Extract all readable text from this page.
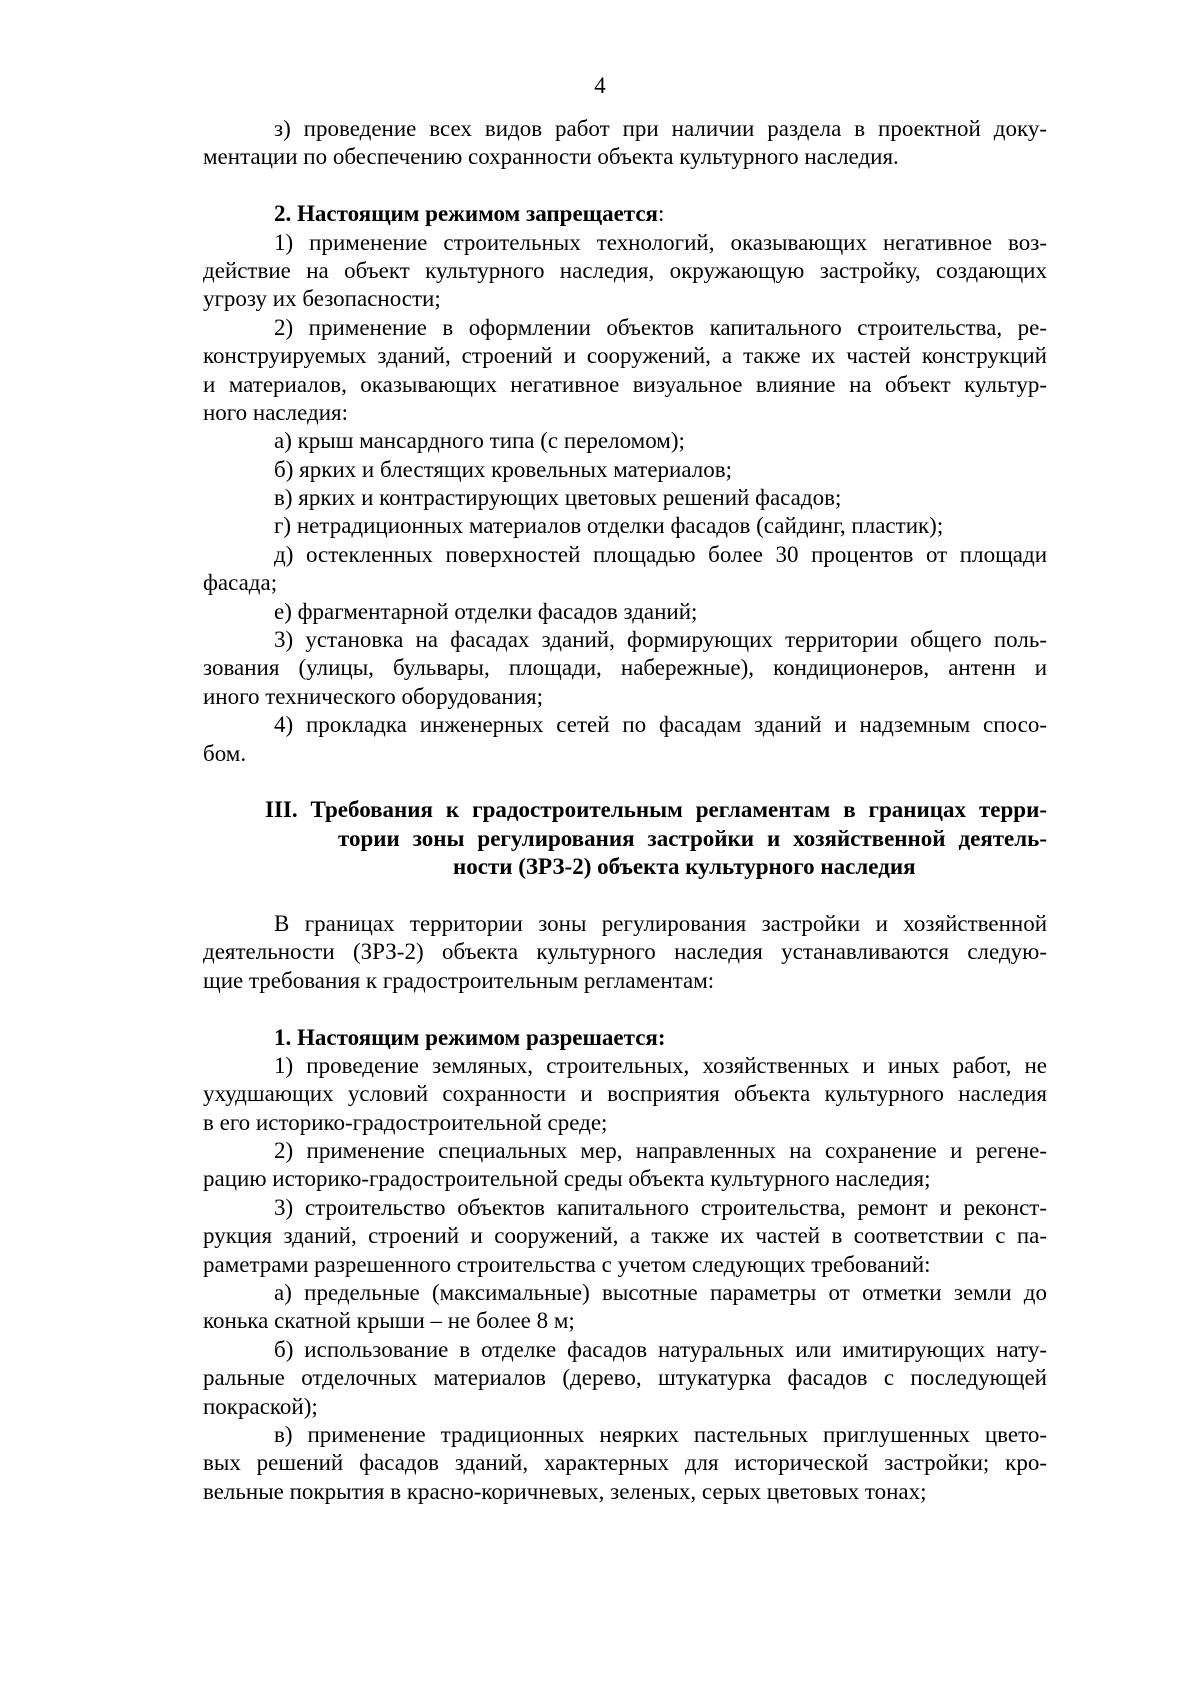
4
з) проведение всех видов работ при наличии раздела в проектной доку-
ментации по обеспечению сохранности объекта культурного наследия.
2. Настоящим режимом запрещается:
1) применение строительных технологий, оказывающих негативное воз-
действие на объект культурного наследия, окружающую застройку, создающих
угрозу их безопасности;
2) применение в оформлении объектов капитального строительства, ре-
конструируемых зданий, строений и сооружений, а также их частей конструкций
и материалов, оказывающих негативное визуальное влияние на объект культур-
ного наследия:
а) крыш мансардного типа (с переломом);
б) ярких и блестящих кровельных материалов;
в) ярких и контрастирующих цветовых решений фасадов;
г) нетрадиционных материалов отделки фасадов (сайдинг, пластик);
д) остекленных поверхностей площадью более 30 процентов от площади
фасада;
е) фрагментарной отделки фасадов зданий;
3) установка на фасадах зданий, формирующих территории общего поль-
зования (улицы, бульвары, площади, набережные), кондиционеров, антенн и
иного технического оборудования;
4) прокладка инженерных сетей по фасадам зданий и надземным спосо-
бом.
III. Требования к градостроительным регламентам в границах терри-
тории зоны регулирования застройки и хозяйственной деятель-
ности (ЗРЗ-2) объекта культурного наследия
В границах территории зоны регулирования застройки и хозяйственной
деятельности (ЗРЗ-2) объекта культурного наследия устанавливаются следую-
щие требования к градостроительным регламентам:
1. Настоящим режимом разрешается:
1) проведение земляных, строительных, хозяйственных и иных работ, не
ухудшающих условий сохранности и восприятия объекта культурного наследия
в его историко-градостроительной среде;
2) применение специальных мер, направленных на сохранение и регене-
рацию историко-градостроительной среды объекта культурного наследия;
3) строительство объектов капитального строительства, ремонт и реконст-
рукция зданий, строений и сооружений, а также их частей в соответствии с па-
раметрами разрешенного строительства с учетом следующих требований:
а) предельные (максимальные) высотные параметры от отметки земли до
конька скатной крыши – не более 8 м;
б) использование в отделке фасадов натуральных или имитирующих нату-
ральные отделочных материалов (дерево, штукатурка фасадов с последующей
покраской);
в) применение традиционных неярких пастельных приглушенных цвето-
вых решений фасадов зданий, характерных для исторической застройки; кро-
вельные покрытия в красно-коричневых, зеленых, серых цветовых тонах;
